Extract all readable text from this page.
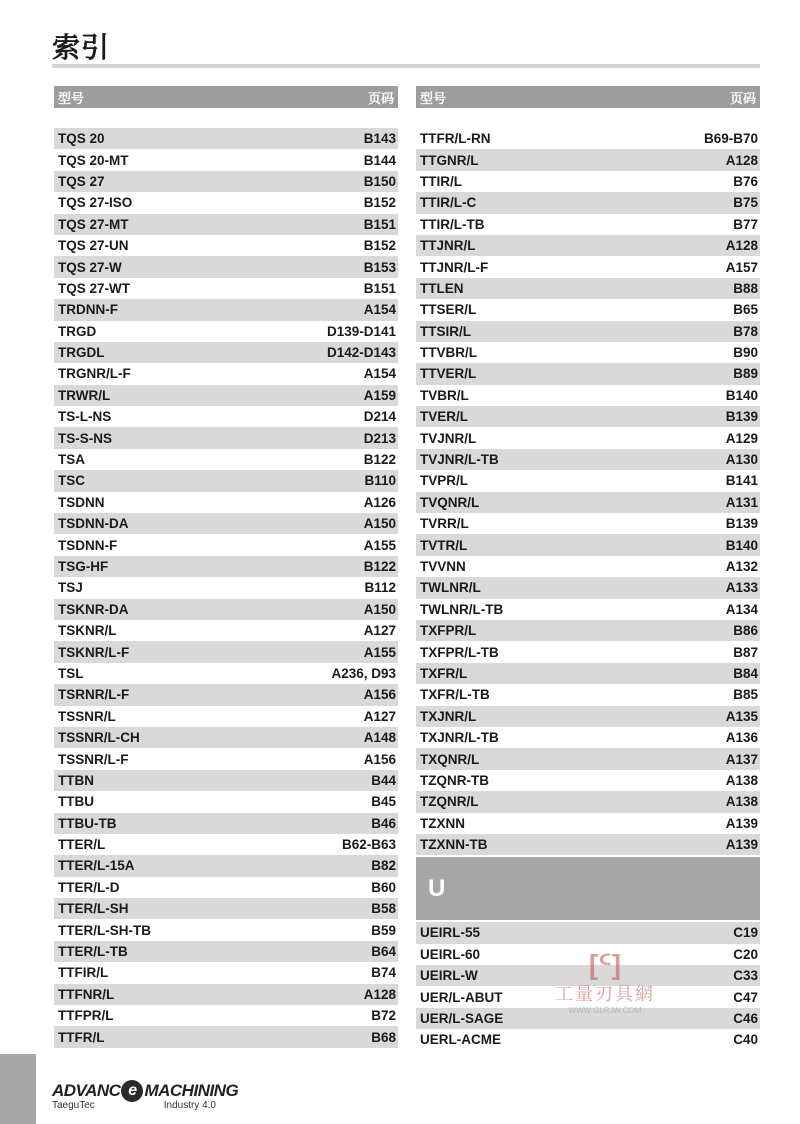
索引
型号	页码
TQS 20	B143
TQS 20-MT	B144
TQS 27	B150
TQS 27-ISO	B152
TQS 27-MT	B151
TQS 27-UN	B152
TQS 27-W	B153
TQS 27-WT	B151
TRDNN-F	A154
TRGD	D139-D141
TRGDL	D142-D143
TRGNR/L-F	A154
TRWR/L	A159
TS-L-NS	D214
TS-S-NS	D213
TSA	B122
TSC	B110
TSDNN	A126
TSDNN-DA	A150
TSDNN-F	A155
TSG-HF	B122
TSJ	B112
TSKNR-DA	A150
TSKNR/L	A127
TSKNR/L-F	A155
TSL	A236, D93
TSRNR/L-F	A156
TSSNR/L	A127
TSSNR/L-CH	A148
TSSNR/L-F	A156
TTBN	B44
TTBU	B45
TTBU-TB	B46
TTER/L	B62-B63
TTER/L-15A	B82
TTER/L-D	B60
TTER/L-SH	B58
TTER/L-SH-TB	B59
TTER/L-TB	B64
TTFIR/L	B74
TTFNR/L	A128
TTFPR/L	B72
TTFR/L	B68
型号	页码
TTFR/L-RN	B69-B70
TTGNR/L	A128
TTIR/L	B76
TTIR/L-C	B75
TTIR/L-TB	B77
TTJNR/L	A128
TTJNR/L-F	A157
TTLEN	B88
TTSER/L	B65
TTSIR/L	B78
TTVBR/L	B90
TTVER/L	B89
TVBR/L	B140
TVER/L	B139
TVJNR/L	A129
TVJNR/L-TB	A130
TVPR/L	B141
TVQNR/L	A131
TVRR/L	B139
TVTR/L	B140
TVVNN	A132
TWLNR/L	A133
TWLNR/L-TB	A134
TXFPR/L	B86
TXFPR/L-TB	B87
TXFR/L	B84
TXFR/L-TB	B85
TXJNR/L	A135
TXJNR/L-TB	A136
TXQNR/L	A137
TZQNR-TB	A138
TZQNR/L	A138
TZXNN	A139
TZXNN-TB	A139
U
UEIRL-55	C19
UEIRL-60	C20
UEIRL-W	C33
UER/L-ABUT	C47
UER/L-SAGE	C46
UERL-ACME	C40
[ᑦ]
工量刃具網
WWW.GLRJW.COM
ADVANC e MACHINING
TaeguTec	Industry 4.0
